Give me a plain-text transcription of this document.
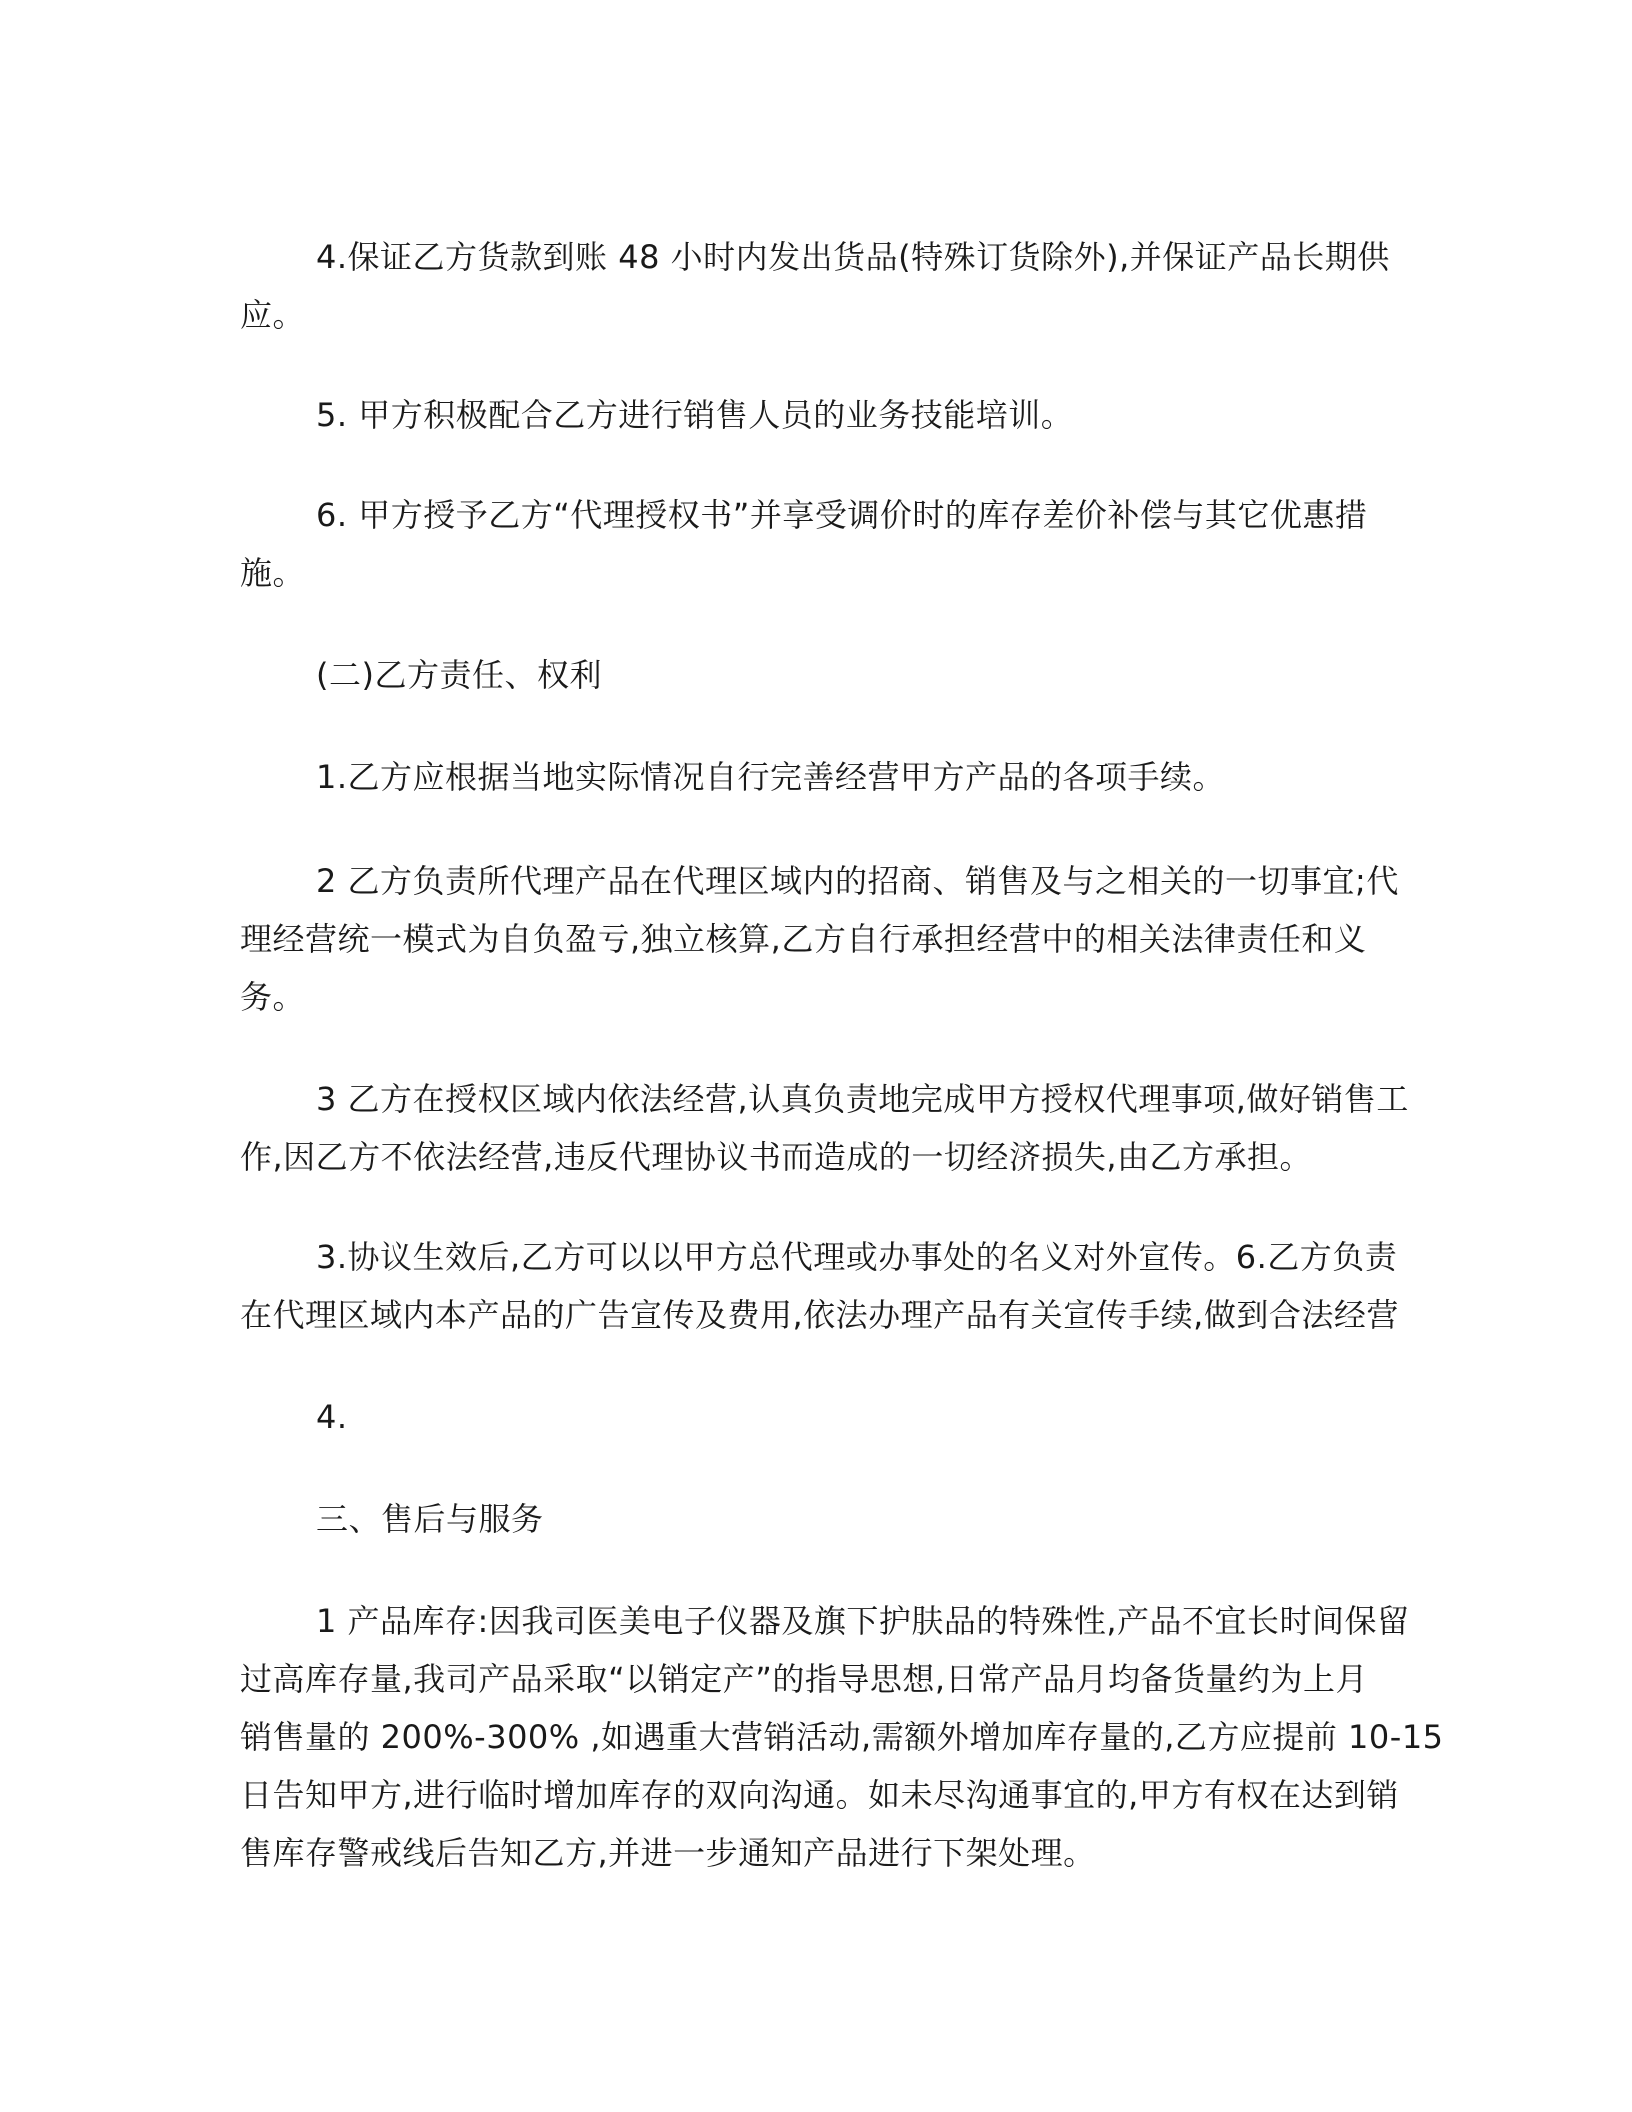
4.保证乙方货款到账 48 小时内发出货品(特殊订货除外),并保证产品长期供
应。
5. 甲方积极配合乙方进行销售人员的业务技能培训。
6. 甲方授予乙方“代理授权书”并享受调价时的库存差价补偿与其它优惠措
施。
(二)乙方责任、权利
1.乙方应根据当地实际情况自行完善经营甲方产品的各项手续。
2 乙方负责所代理产品在代理区域内的招商、销售及与之相关的一切事宜;代
理经营统一模式为自负盈亏,独立核算,乙方自行承担经营中的相关法律责任和义
务。
3 乙方在授权区域内依法经营,认真负责地完成甲方授权代理事项,做好销售工
作,因乙方不依法经营,违反代理协议书而造成的一切经济损失,由乙方承担。
3.协议生效后,乙方可以以甲方总代理或办事处的名义对外宣传。6.乙方负责
在代理区域内本产品的广告宣传及费用,依法办理产品有关宣传手续,做到合法经营
4.
三、售后与服务
1 产品库存:因我司医美电子仪器及旗下护肤品的特殊性,产品不宜长时间保留
过高库存量,我司产品采取“以销定产”的指导思想,日常产品月均备货量约为上月
销售量的 200%-300% ,如遇重大营销活动,需额外增加库存量的,乙方应提前 10-15
日告知甲方,进行临时增加库存的双向沟通。如未尽沟通事宜的,甲方有权在达到销
售库存警戒线后告知乙方,并进一步通知产品进行下架处理。
